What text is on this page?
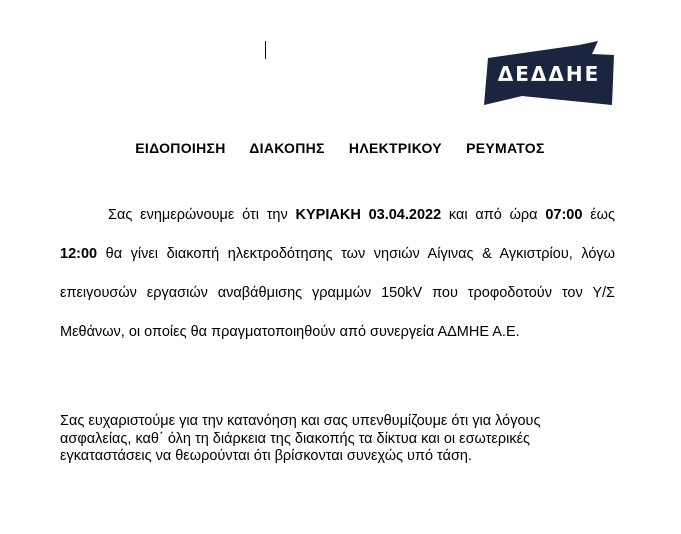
ΔΕΔΔΗΕ
ΕΙΔΟΠΟΙΗΣΗ ΔΙΑΚΟΠΗΣ ΗΛΕΚΤΡΙΚΟΥ ΡΕΥΜΑΤΟΣ
Σας ενημερώνουμε ότι την ΚΥΡΙΑΚΗ 03.04.2022 και από ώρα 07:00 έως 12:00 θα γίνει διακοπή ηλεκτροδότησης των νησιών Αίγινας & Αγκιστρίου, λόγω επειγουσών εργασιών αναβάθμισης γραμμών 150kV που τροφοδοτούν τον Υ/Σ Μεθάνων, οι οποίες θα πραγματοποιηθούν από συνεργεία ΑΔΜΗΕ Α.Ε.
Σας ευχαριστούμε για την κατανόηση και σας υπενθυμίζουμε ότι για λόγους ασφαλείας, καθ΄ όλη τη διάρκεια της διακοπής τα δίκτυα και οι εσωτερικές εγκαταστάσεις να θεωρούνται ότι βρίσκονται συνεχώς υπό τάση.
